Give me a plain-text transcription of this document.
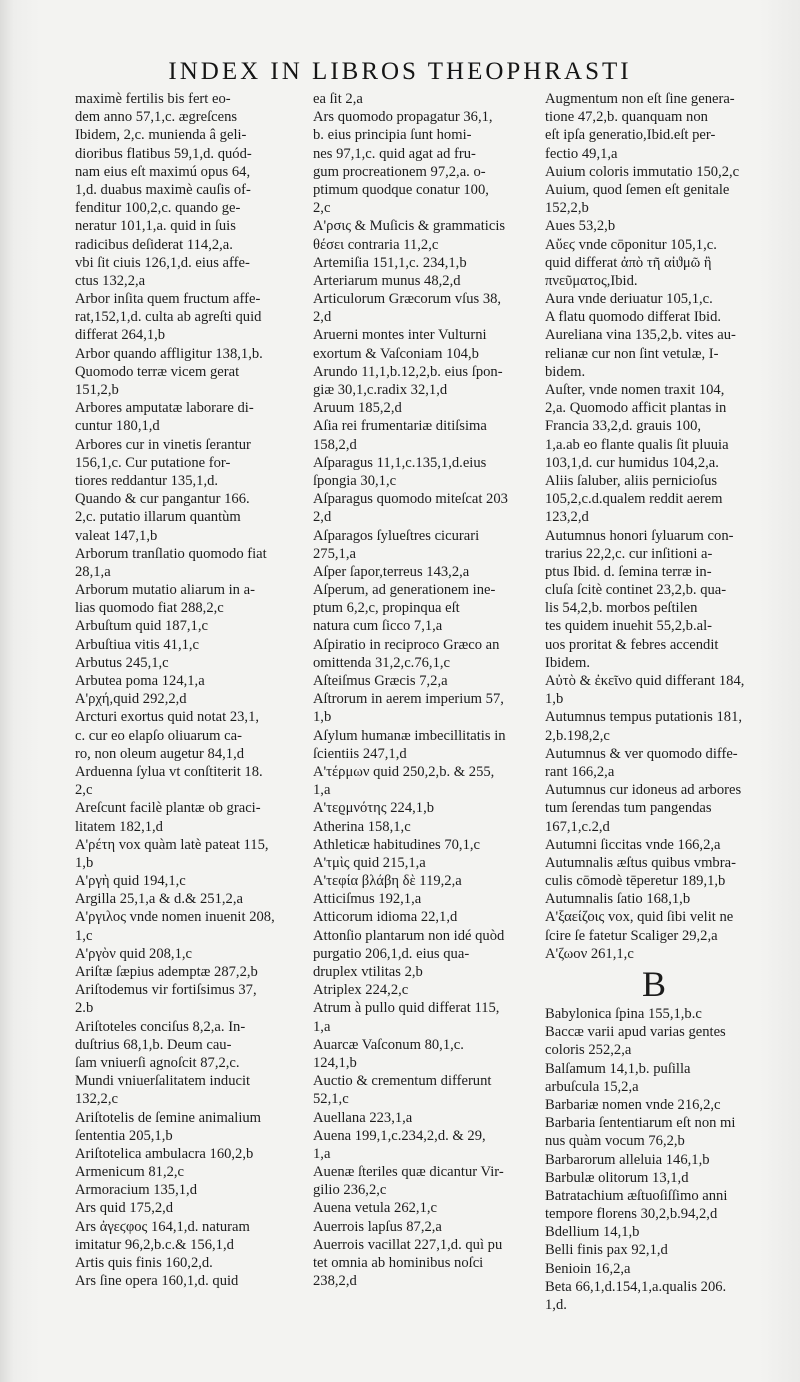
INDEX IN LIBROS THEOPHRASTI
maximè fertilis bis fert eo-
dem anno 57,1,c. ægreſcens
Ibidem, 2,c. munienda â geli-
dioribus flatibus 59,1,d. quód-
nam eius eſt maximú opus 64,
1,d. duabus maximè cauſis of-
fenditur 100,2,c. quando ge-
neratur 101,1,a. quid in ſuis
radicibus deſiderat 114,2,a.
vbi ſit ciuis 126,1,d. eius affe-
ctus 132,2,a
Arbor inſita quem fructum affe-
rat,152,1,d. culta ab agreſti quid
differat 264,1,b
Arbor quando affligitur 138,1,b.
Quomodo terræ vicem gerat
151,2,b
Arbores amputatæ laborare di-
cuntur 180,1,d
Arbores cur in vinetis ſerantur
156,1,c. Cur putatione for-
tiores reddantur 135,1,d.
Quando & cur pangantur 166.
2,c. putatio illarum quantùm
valeat 147,1,b
Arborum tranſlatio quomodo fiat
28,1,a
Arborum mutatio aliarum in a-
lias quomodo fiat 288,2,c
Arbuſtum quid 187,1,c
Arbuſtiua vitis 41,1,c
Arbutus 245,1,c
Arbutea poma 124,1,a
A'ρχή,quid 292,2,d
Arcturi exortus quid notat 23,1,
c. cur eo elapſo oliuarum ca-
ro, non oleum augetur 84,1,d
Arduenna ſylua vt conſtiterit 18.
2,c
Areſcunt facilè plantæ ob graci-
litatem 182,1,d
A'ρέτη vox quàm latè pateat 115,
1,b
A'ργὴ quid 194,1,c
Argilla 25,1,a & d.& 251,2,a
A'ργιλος vnde nomen inuenit 208,
1,c
A'ργὸν quid 208,1,c
Ariſtæ ſæpius ademptæ 287,2,b
Ariſtodemus vir fortiſsimus 37,
2.b
Ariſtoteles conciſus 8,2,a. In-
duſtrius 68,1,b. Deum cau-
ſam vniuerſi agnoſcit 87,2,c.
Mundi vniuerſalitatem inducit
132,2,c
Ariſtotelis de ſemine animalium
ſententia 205,1,b
Ariſtotelica ambulacra 160,2,b
Armenicum 81,2,c
Armoracium 135,1,d
Ars quid 175,2,d
Ars ἀγεϛφος 164,1,d. naturam
imitatur 96,2,b.c.& 156,1,d
Artis quis finis 160,2,d.
Ars ſine opera 160,1,d. quid
ea ſit 2,a
Ars quomodo propagatur 36,1,
b. eius principia ſunt homi-
nes 97,1,c. quid agat ad fru-
gum procreationem 97,2,a. o-
ptimum quodque conatur 100,
2,c
A'ρσις & Muſicis & grammaticis
θέσει contraria 11,2,c
Artemiſia 151,1,c. 234,1,b
Arteriarum munus 48,2,d
Articulorum Græcorum vſus 38,
2,d
Aruerni montes inter Vulturni
exortum & Vaſconiam 104,b
Arundo 11,1,b.12,2,b. eius ſpon-
giæ 30,1,c.radix 32,1,d
Aruum 185,2,d
Aſia rei frumentariæ ditiſsima
158,2,d
Aſparagus 11,1,c.135,1,d.eius
ſpongia 30,1,c
Aſparagus quomodo miteſcat 203
2,d
Aſparagos ſylueſtres cicurari
275,1,a
Aſper ſapor,terreus 143,2,a
Aſperum, ad generationem ine-
ptum 6,2,c, propinqua eſt
natura cum ſicco 7,1,a
Aſpiratio in reciproco Græco an
omittenda 31,2,c.76,1,c
Aſteiſmus Græcis 7,2,a
Aſtrorum in aerem imperium 57,
1,b
Aſylum humanæ imbecillitatis in
ſcientiis 247,1,d
A'τέρμων quid 250,2,b. & 255,
1,a
A'τεϱμνότης 224,1,b
Atherina 158,1,c
Athleticæ habitudines 70,1,c
A'τμὶς quid 215,1,a
A'τεφία βλάβη δὲ 119,2,a
Atticiſmus 192,1,a
Atticorum idioma 22,1,d
Attonſio plantarum non idé quòd
purgatio 206,1,d. eius qua-
druplex vtilitas 2,b
Atriplex 224,2,c
Atrum à pullo quid differat 115,
1,a
Auarcæ Vaſconum 80,1,c.
124,1,b
Auctio & crementum differunt
52,1,c
Auellana 223,1,a
Auena 199,1,c.234,2,d. & 29,
1,a
Auenæ ſteriles quæ dicantur Vir-
gilio 236,2,c
Auena vetula 262,1,c
Auerrois lapſus 87,2,a
Auerrois vacillat 227,1,d. quì pu
tet omnia ab hominibus noſci
238,2,d
Augmentum non eſt ſine genera-
tione 47,2,b. quanquam non
eſt ipſa generatio,Ibid.eſt per-
fectio 49,1,a
Auium coloris immutatio 150,2,c
Auium, quod ſemen eſt genitale
152,2,b
Aues 53,2,b
Aὔεϛ vnde cōponitur 105,1,c.
quid differat ἀπὸ τῆ αἰϑμῶ ἢ
πνεῦματος,Ibid.
Aura vnde deriuatur 105,1,c.
A flatu quomodo differat Ibid.
Aureliana vina 135,2,b. vites au-
relianæ cur non ſint vetulæ, I-
bidem.
Auſter, vnde nomen traxit 104,
2,a. Quomodo afficit plantas in
Francia 33,2,d. grauis 100,
1,a.ab eo flante qualis ſit pluuia
103,1,d. cur humidus 104,2,a.
Aliis ſaluber, aliis pernicioſus
105,2,c.d.qualem reddit aerem
123,2,d
Autumnus honori ſyluarum con-
trarius 22,2,c. cur inſitioni a-
ptus Ibid. d. ſemina terræ in-
cluſa ſcitè continet 23,2,b. qua-
lis 54,2,b. morbos peſtilen
tes quidem inuehit 55,2,b.al-
uos proritat & febres accendit
Ibidem.
Aὐτὸ & ἐκεῖνο quid differant 184,
1,b
Autumnus tempus putationis 181,
2,b.198,2,c
Autumnus & ver quomodo diffe-
rant 166,2,a
Autumnus cur idoneus ad arbores
tum ſerendas tum pangendas
167,1,c.2,d
Autumni ſiccitas vnde 166,2,a
Autumnalis æſtus quibus vmbra-
culis cōmodè tēperetur 189,1,b
Autumnalis ſatio 168,1,b
A'ξαείζοις vox, quid ſibi velit ne
ſcire ſe fatetur Scaliger 29,2,a
A'ζωον 261,1,c
B
Babylonica ſpina 155,1,b.c
Baccæ varii apud varias gentes
coloris 252,2,a
Balſamum 14,1,b. puſilla
arbuſcula 15,2,a
Barbariæ nomen vnde 216,2,c
Barbaria ſententiarum eſt non mi
nus quàm vocum 76,2,b
Barbarorum alleluia 146,1,b
Barbulæ olitorum 13,1,d
Batratachium æſtuoſiſſimo anni
tempore florens 30,2,b.94,2,d
Bdellium 14,1,b
Belli finis pax 92,1,d
Benioin 16,2,a
Beta 66,1,d.154,1,a.qualis 206.
1,d.
